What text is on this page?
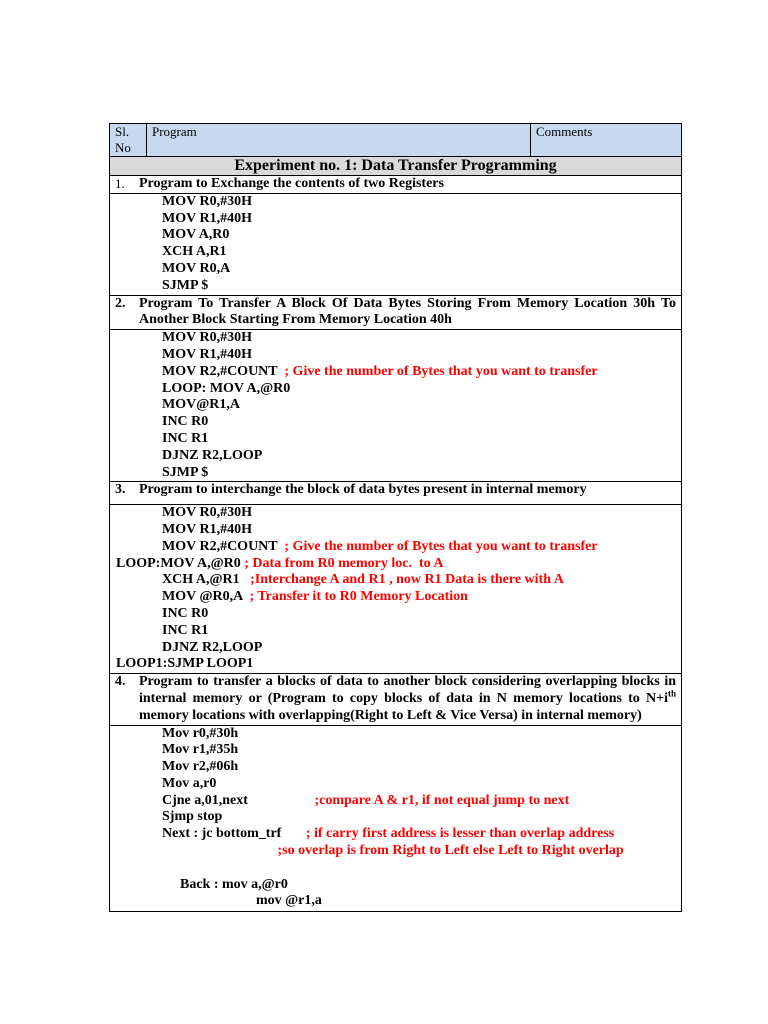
Sl. No	Program	Comments
Experiment no. 1: Data Transfer Programming

1.	Program to Exchange the contents of two Registers

MOV R0,#30H
MOV R1,#40H
MOV A,R0
XCH A,R1
MOV R0,A
SJMP $

2. Program To Transfer A Block Of Data Bytes Storing From Memory Location 30h To Another Block Starting From Memory Location 40h

MOV R0,#30H
MOV R1,#40H
MOV R2,#COUNT  ; Give the number of Bytes that you want to transfer
LOOP: MOV A,@R0
MOV@R1,A
INC R0
INC R1
DJNZ R2,LOOP
SJMP $

3. Program to interchange the block of data bytes present in internal memory

MOV R0,#30H
MOV R1,#40H
MOV R2,#COUNT  ; Give the number of Bytes that you want to transfer
LOOP:MOV A,@R0 ; Data from R0 memory loc.  to A
XCH A,@R1   ;Interchange A and R1 , now R1 Data is there with A
MOV @R0,A  ; Transfer it to R0 Memory Location
INC R0
INC R1
DJNZ R2,LOOP
LOOP1:SJMP LOOP1

4. Program to transfer a blocks of data to another block considering overlapping blocks in internal memory or (Program to copy blocks of data in N memory locations to $N+i^{th}$ memory locations with overlapping(Right to Left & Vice Versa) in internal memory)

Mov r0,#30h
Mov r1,#35h
Mov r2,#06h
Mov a,r0
Cjne a,01,next                   ;compare A & r1, if not equal jump to next
Sjmp stop
Next : jc bottom_trf       ; if carry first address is lesser than overlap address
;so overlap is from Right to Left else Left to Right overlap

Back : mov a,@r0
mov @r1,a
